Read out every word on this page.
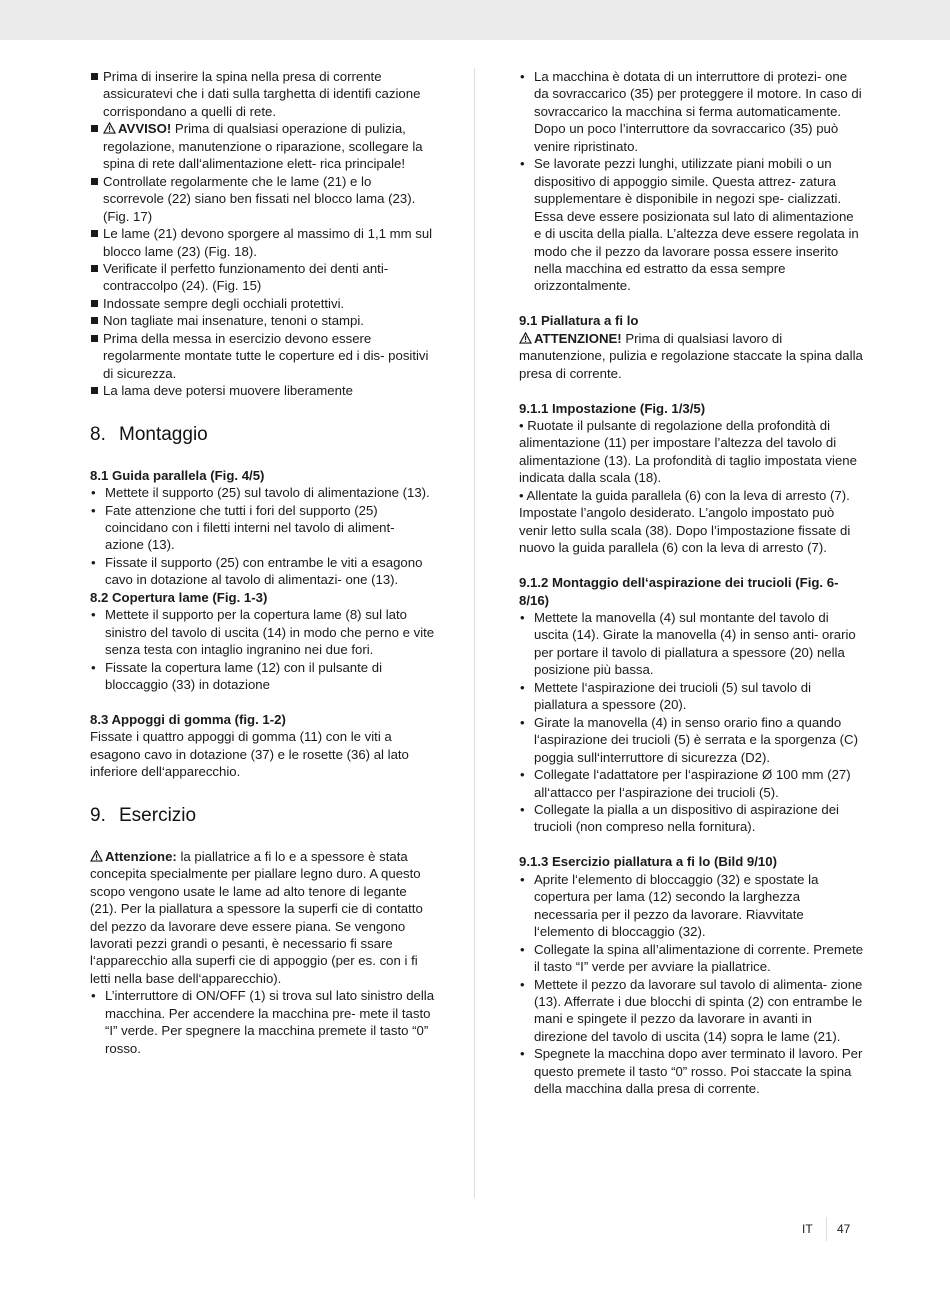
Prima di inserire la spina nella presa di corrente assicuratevi che i dati sulla targhetta di identifi cazione corrispondano a quelli di rete.
AVVISO! Prima di qualsiasi operazione di pulizia, regolazione, manutenzione o riparazione, scollegare la spina di rete dall‘alimentazione elett- rica principale!
Controllate regolarmente che le lame (21) e lo scorrevole (22) siano ben fissati nel blocco lama (23). (Fig. 17)
Le lame (21) devono sporgere al massimo di 1,1 mm sul blocco lame (23) (Fig. 18).
Verificate il perfetto funzionamento dei denti anti- contraccolpo (24). (Fig. 15)
Indossate sempre degli occhiali protettivi.
Non tagliate mai insenature, tenoni o stampi.
Prima della messa in esercizio devono essere regolarmente montate tutte le coperture ed i dis- positivi di sicurezza.
La lama deve potersi muovere liberamente
8. Montaggio

8.1 Guida parallela (Fig. 4/5)

• Mettete il supporto (25) sul tavolo di alimentazione (13).
• Fate attenzione che tutti i fori del supporto (25) coincidano con i filetti interni nel tavolo di aliment- azione (13).
• Fissate il supporto (25) con entrambe le viti a esagono cavo in dotazione al tavolo di alimentazi- one (13).

8.2 Copertura lame (Fig. 1-3)

• Mettete il supporto per la copertura lame (8) sul lato sinistro del tavolo di uscita (14) in modo che perno e vite senza testa con intaglio ingranino nei due fori.
• Fissate la copertura lame (12) con il pulsante di bloccaggio (33) in dotazione

8.3 Appoggi di gomma (fig. 1-2)

Fissate i quattro appoggi di gomma (11) con le viti a esagono cavo in dotazione (37) e le rosette (36) al lato inferiore dell‘apparecchio.

9. Esercizio

Attenzione: la piallatrice a fi lo e a spessore è stata concepita specialmente per piallare legno duro. A questo scopo vengono usate le lame ad alto tenore di legante (21). Per la piallatura a spessore la superfi cie di contatto del pezzo da lavorare deve essere piana. Se vengono lavorati pezzi grandi o pesanti, è necessario fi ssare l‘apparecchio alla superfi cie di appoggio (per es. con i fi letti nella base dell‘apparecchio).

• L’interruttore di ON/OFF (1) si trova sul lato sinistro della macchina. Per accendere la macchina pre- mete il tasto “I” verde. Per spegnere la macchina premete il tasto “0” rosso.
• La macchina è dotata di un interruttore di protezi- one da sovraccarico (35) per proteggere il motore. In caso di sovraccarico la macchina si ferma automaticamente. Dopo un poco l’interruttore da sovraccarico (35) può venire ripristinato.
• Se lavorate pezzi lunghi, utilizzate piani mobili o un dispositivo di appoggio simile. Questa attrez- zatura supplementare è disponibile in negozi spe- cializzati. Essa deve essere posizionata sul lato di alimentazione e di uscita della pialla. L’altezza deve essere regolata in modo che il pezzo da lavorare possa essere inserito nella macchina ed estratto da essa sempre orizzontalmente.

9.1 Piallatura a fi lo

ATTENZIONE! Prima di qualsiasi lavoro di manutenzione, pulizia e regolazione staccate la spina dalla presa di corrente.

9.1.1 Impostazione (Fig. 1/3/5)

• Ruotate il pulsante di regolazione della profondità di alimentazione (11) per impostare l’altezza del tavolo di alimentazione (13). La profondità di taglio impostata viene indicata dalla scala (18).

• Allentate la guida parallela (6) con la leva di arresto (7). Impostate l’angolo desiderato. L’angolo impostato può venir letto sulla scala (38). Dopo l’impostazione fissate di nuovo la guida parallela (6) con la leva di arresto (7).

9.1.2 Montaggio dell‘aspirazione dei trucioli (Fig. 6-8/16)

• Mettete la manovella (4) sul montante del tavolo di uscita (14). Girate la manovella (4) in senso anti- orario per portare il tavolo di piallatura a spessore (20) nella posizione più bassa.
• Mettete l‘aspirazione dei trucioli (5) sul tavolo di piallatura a spessore (20).
• Girate la manovella (4) in senso orario fino a quando l‘aspirazione dei trucioli (5) è serrata e la sporgenza (C) poggia sull‘interruttore di sicurezza (D2).
• Collegate l‘adattatore per l‘aspirazione Ø 100 mm (27) all‘attacco per l‘aspirazione dei trucioli (5).
• Collegate la pialla a un dispositivo di aspirazione dei trucioli (non compreso nella fornitura).

9.1.3 Esercizio piallatura a fi lo (Bild 9/10)

• Aprite l‘elemento di bloccaggio (32) e spostate la copertura per lama (12) secondo la larghezza necessaria per il pezzo da lavorare. Riavvitate l‘elemento di bloccaggio (32).
• Collegate la spina all’alimentazione di corrente. Premete il tasto “I” verde per avviare la piallatrice.
• Mettete il pezzo da lavorare sul tavolo di alimenta- zione (13). Afferrate i due blocchi di spinta (2) con entrambe le mani e spingete il pezzo da lavorare in avanti in direzione del tavolo di uscita (14) sopra le lame (21).
• Spegnete la macchina dopo aver terminato il lavoro. Per questo premete il tasto “0” rosso. Poi staccate la spina della macchina dalla presa di corrente.
IT 47
